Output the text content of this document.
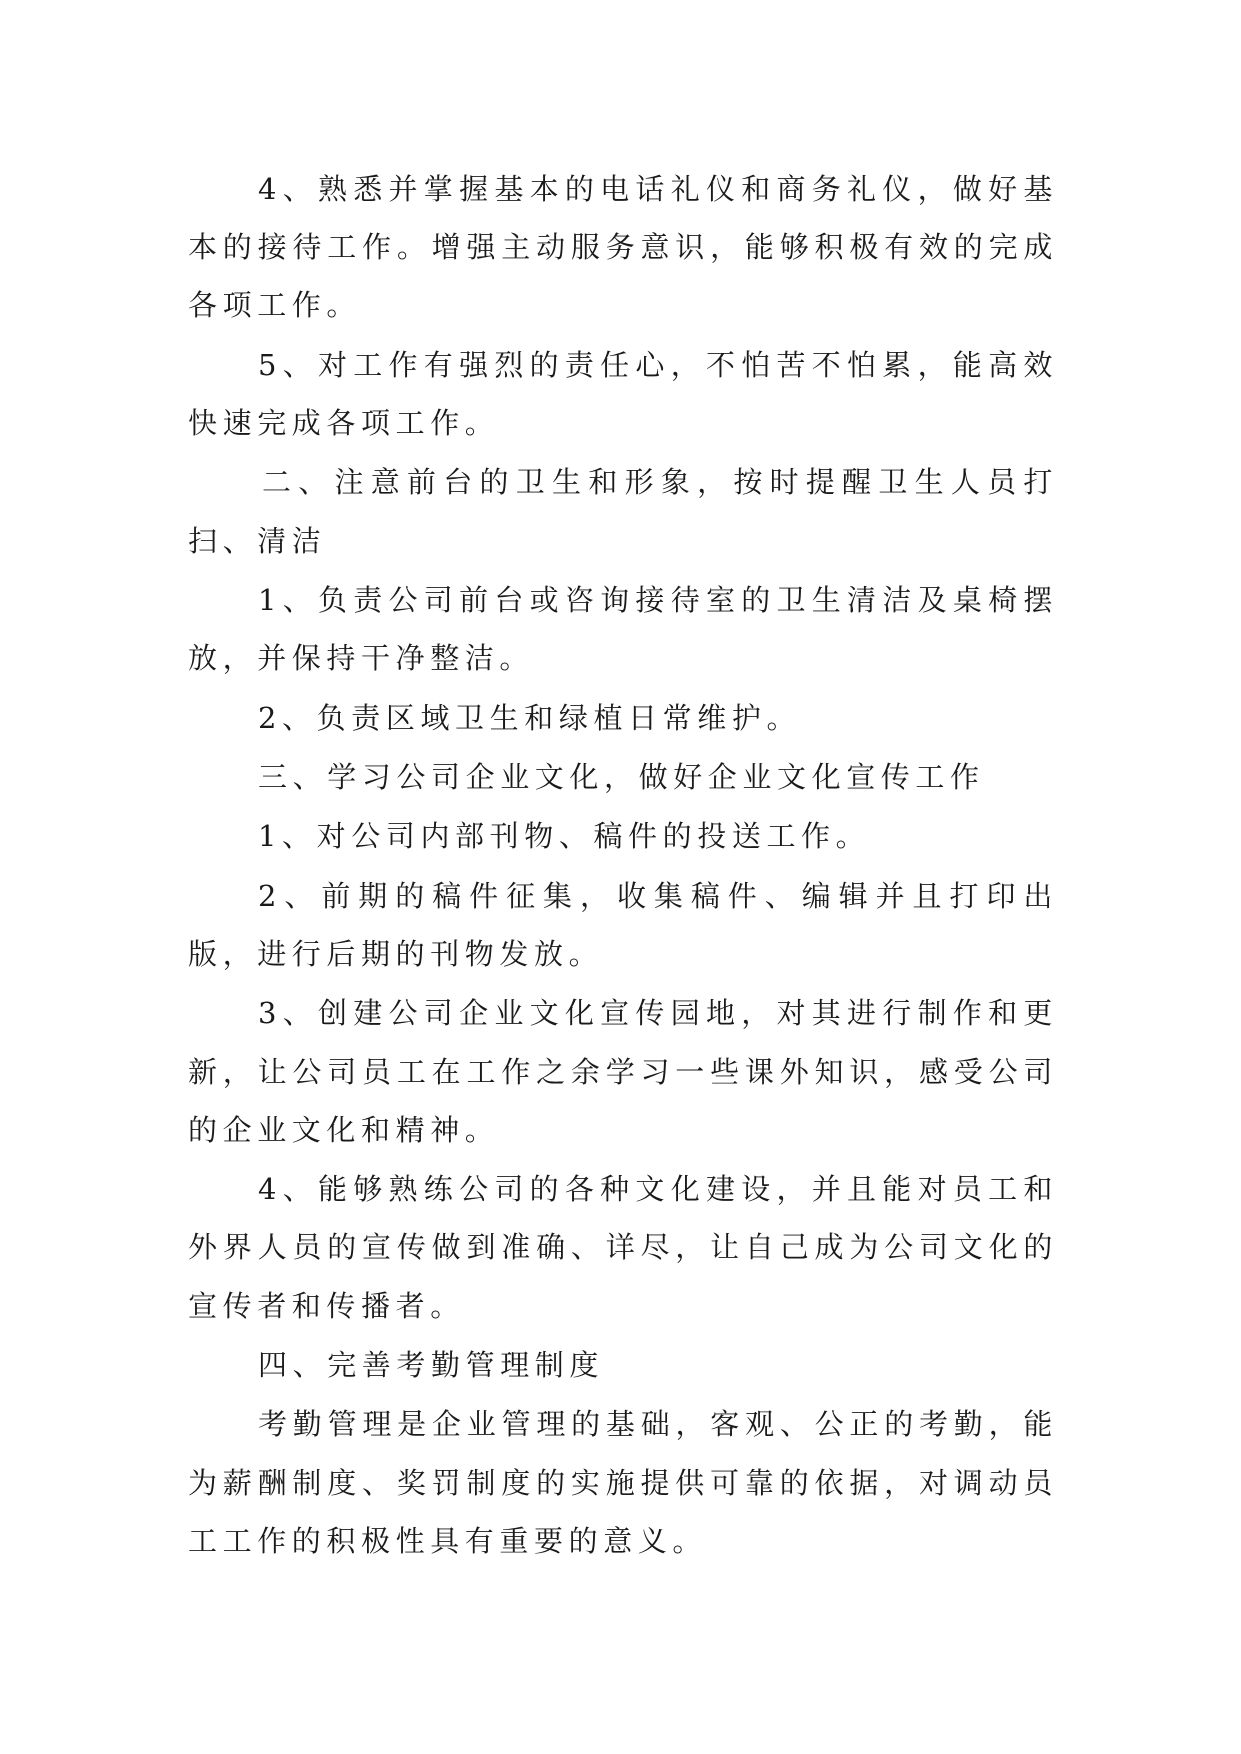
4、熟悉并掌握基本的电话礼仪和商务礼仪，做好基本的接待工作。增强主动服务意识，能够积极有效的完成各项工作。

5、对工作有强烈的责任心，不怕苦不怕累，能高效快速完成各项工作。

二、注意前台的卫生和形象，按时提醒卫生人员打扫、清洁

1、负责公司前台或咨询接待室的卫生清洁及桌椅摆放，并保持干净整洁。

2、负责区域卫生和绿植日常维护。

三、学习公司企业文化，做好企业文化宣传工作

1、对公司内部刊物、稿件的投送工作。

2、前期的稿件征集，收集稿件、编辑并且打印出版，进行后期的刊物发放。

3、创建公司企业文化宣传园地，对其进行制作和更新，让公司员工在工作之余学习一些课外知识，感受公司的企业文化和精神。

4、能够熟练公司的各种文化建设，并且能对员工和外界人员的宣传做到准确、详尽，让自己成为公司文化的宣传者和传播者。

四、完善考勤管理制度

考勤管理是企业管理的基础，客观、公正的考勤，能为薪酬制度、奖罚制度的实施提供可靠的依据，对调动员工工作的积极性具有重要的意义。
